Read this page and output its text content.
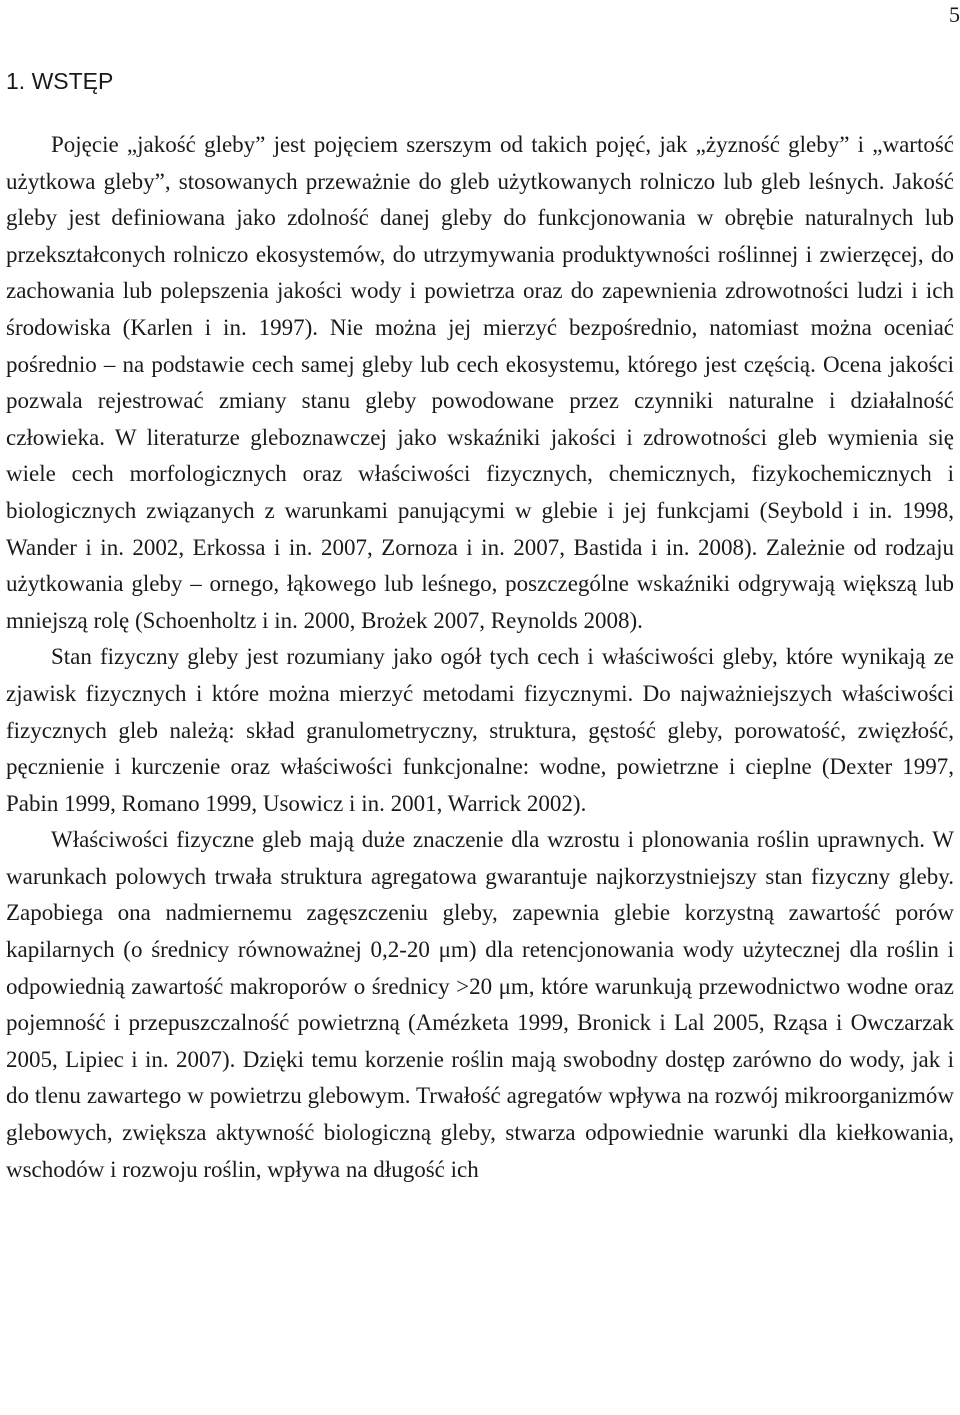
5
1. WSTĘP

Pojęcie „jakość gleby” jest pojęciem szerszym od takich pojęć, jak „żyzność gleby” i „wartość użytkowa gleby”, stosowanych przeważnie do gleb użytkowanych rolniczo lub gleb leśnych. Jakość gleby jest definiowana jako zdolność danej gleby do funkcjonowania w obrębie naturalnych lub przekształconych rolniczo ekosystemów, do utrzymywania produktywności roślinnej i zwierzęcej, do zachowania lub polepszenia jakości wody i powietrza oraz do zapewnienia zdrowotności ludzi i ich środowiska (Karlen i in. 1997). Nie można jej mierzyć bezpośrednio, natomiast można oceniać pośrednio – na podstawie cech samej gleby lub cech ekosystemu, którego jest częścią. Ocena jakości pozwala rejestrować zmiany stanu gleby powodowane przez czynniki naturalne i działalność człowieka. W literaturze gleboznawczej jako wskaźniki jakości i zdrowotności gleb wymienia się wiele cech morfologicznych oraz właściwości fizycznych, chemicznych, fizykochemicznych i biologicznych związanych z warunkami panującymi w glebie i jej funkcjami (Seybold i in. 1998, Wander i in. 2002, Erkossa i in. 2007, Zornoza i in. 2007, Bastida i in. 2008). Zależnie od rodzaju użytkowania gleby – ornego, łąkowego lub leśnego, poszczególne wskaźniki odgrywają większą lub mniejszą rolę (Schoenholtz i in. 2000, Brożek 2007, Reynolds 2008).

Stan fizyczny gleby jest rozumiany jako ogół tych cech i właściwości gleby, które wynikają ze zjawisk fizycznych i które można mierzyć metodami fizycznymi. Do najważniejszych właściwości fizycznych gleb należą: skład granulometryczny, struktura, gęstość gleby, porowatość, zwięzłość, pęcznienie i kurczenie oraz właściwości funkcjonalne: wodne, powietrzne i cieplne (Dexter 1997, Pabin 1999, Romano 1999, Usowicz i in. 2001, Warrick 2002).

Właściwości fizyczne gleb mają duże znaczenie dla wzrostu i plonowania roślin uprawnych. W warunkach polowych trwała struktura agregatowa gwarantuje najkorzystniejszy stan fizyczny gleby. Zapobiega ona nadmiernemu zagęszczeniu gleby, zapewnia glebie korzystną zawartość porów kapilarnych (o średnicy równoważnej 0,2-20 μm) dla retencjonowania wody użytecznej dla roślin i odpowiednią zawartość makroporów o średnicy >20 μm, które warunkują przewodnictwo wodne oraz pojemność i przepuszczalność powietrzną (Amézketa 1999, Bronick i Lal 2005, Rząsa i Owczarzak 2005, Lipiec i in. 2007). Dzięki temu korzenie roślin mają swobodny dostęp zarówno do wody, jak i do tlenu zawartego w powietrzu glebowym. Trwałość agregatów wpływa na rozwój mikroorganizmów glebowych, zwiększa aktywność biologiczną gleby, stwarza odpowiednie warunki dla kiełkowania, wschodów i rozwoju roślin, wpływa na długość ich
